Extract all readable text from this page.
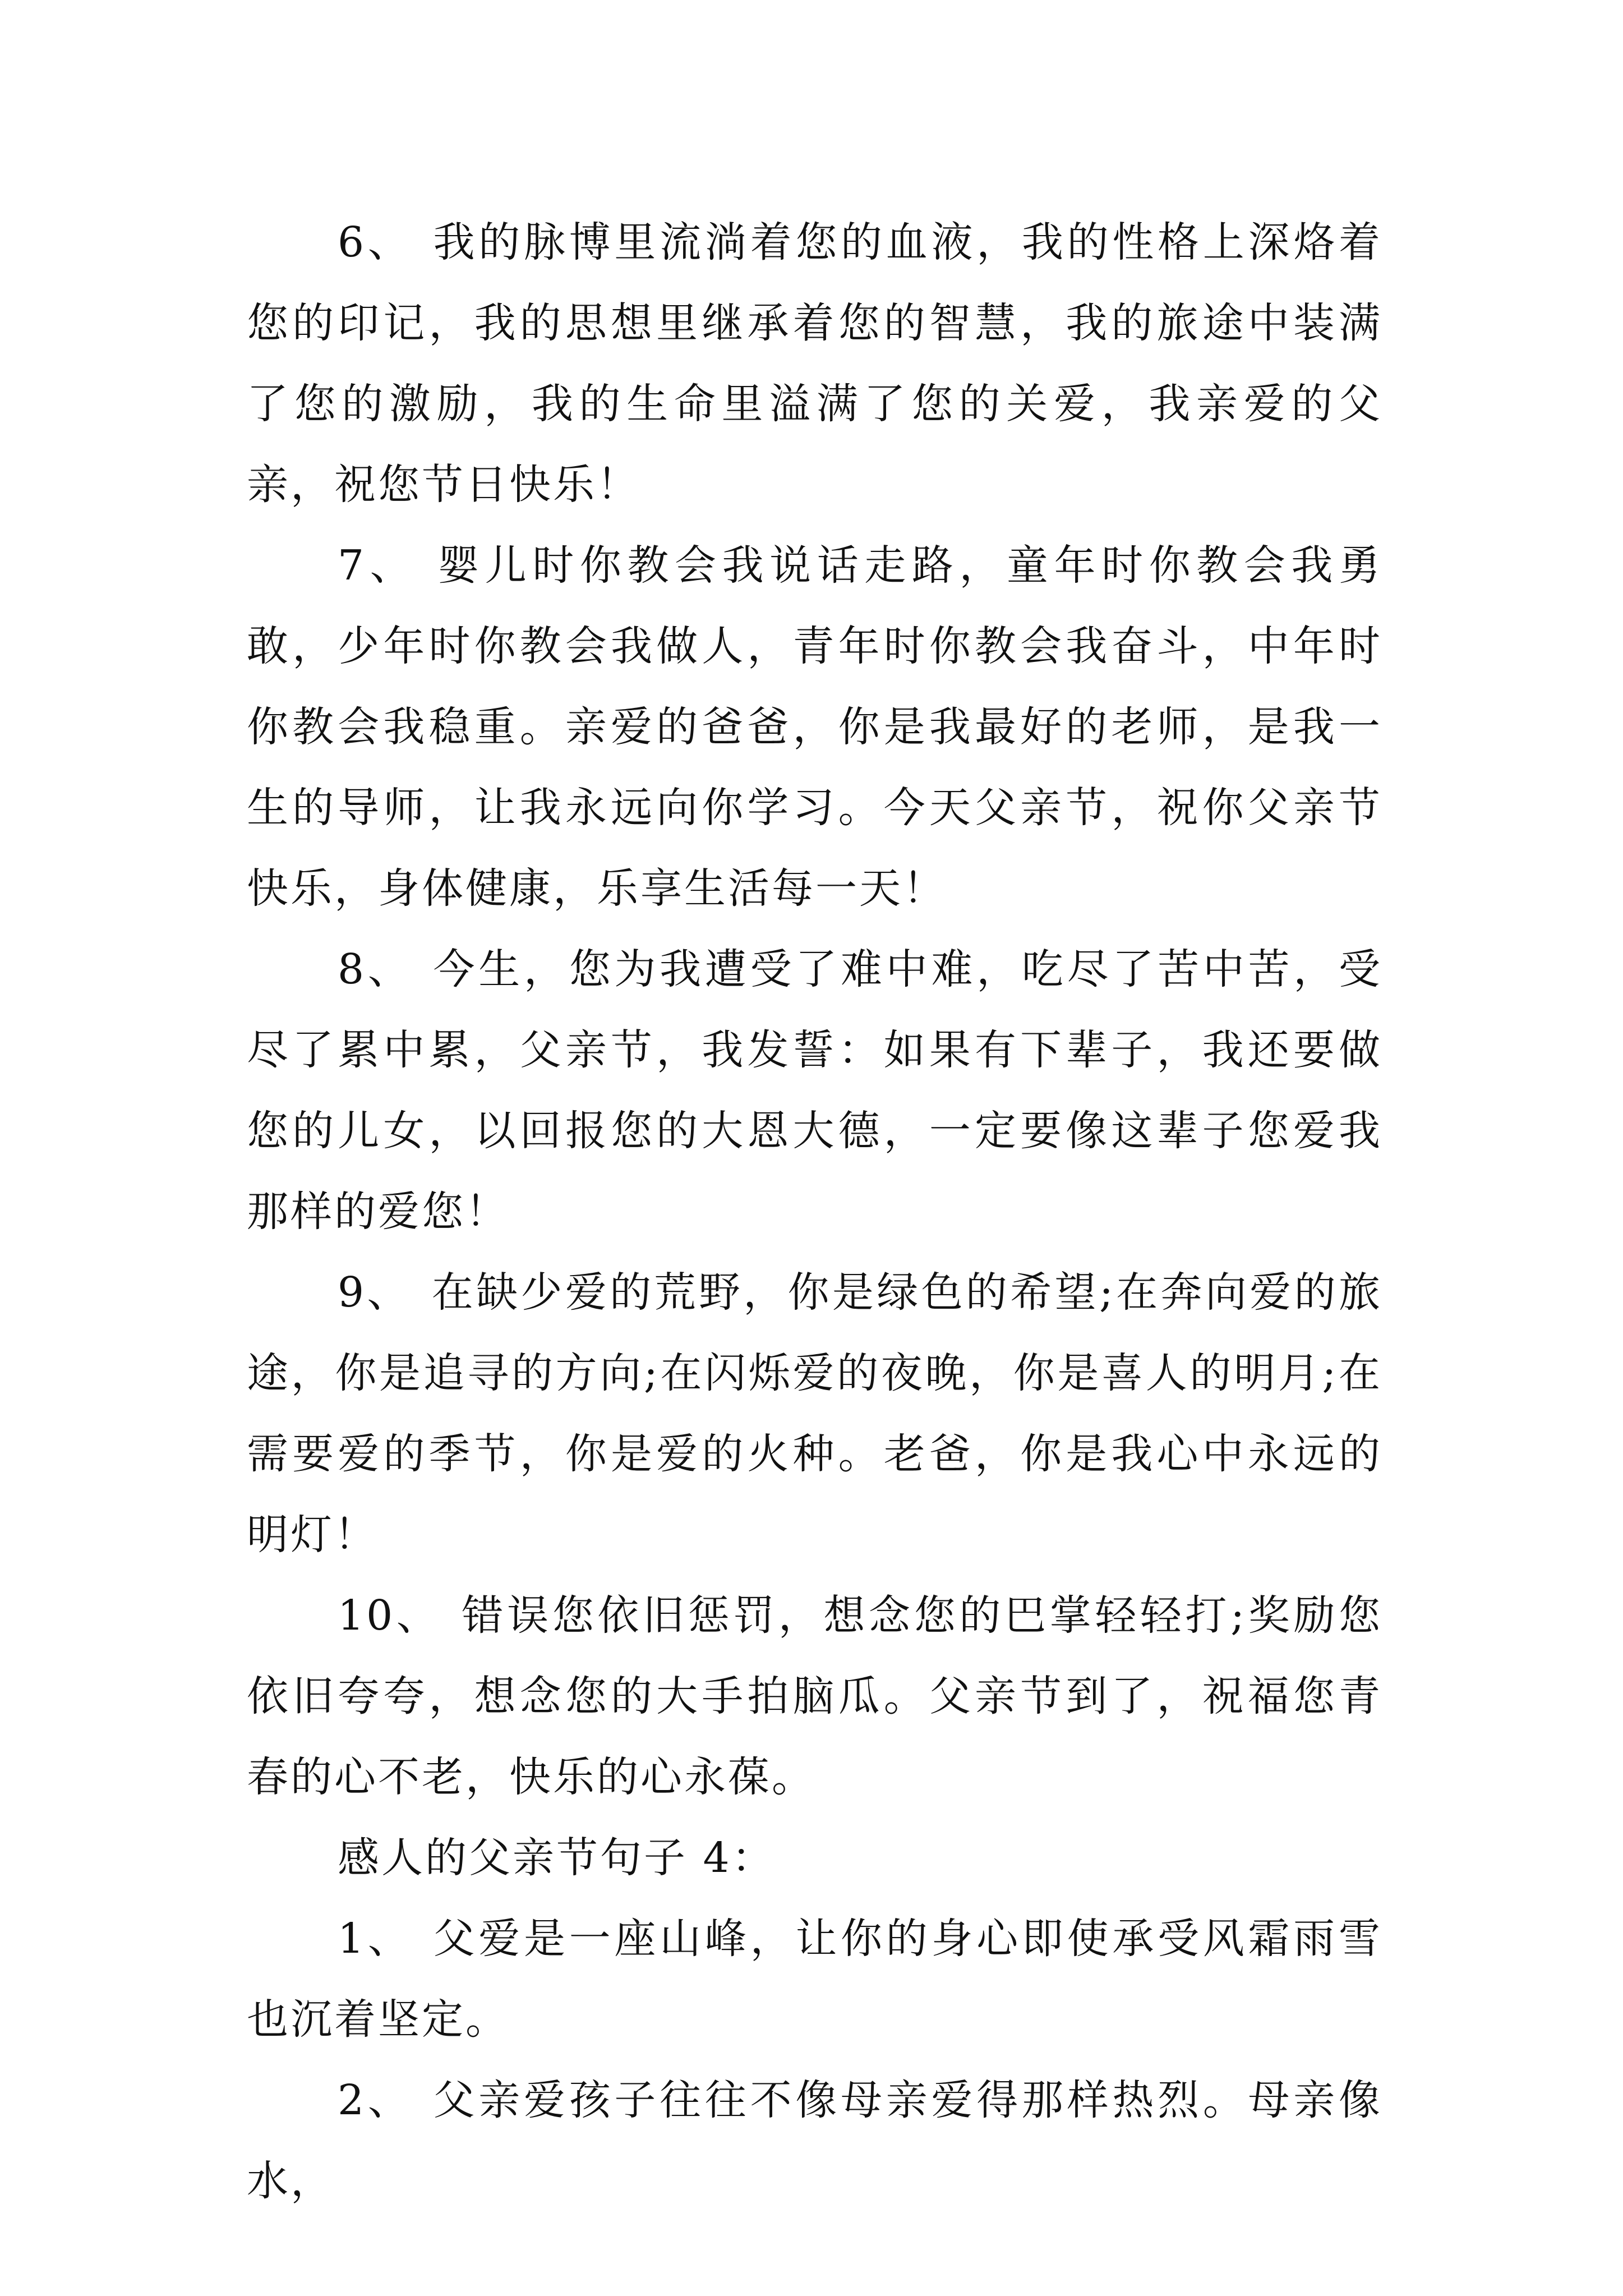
6、 我的脉博里流淌着您的血液，我的性格上深烙着您的印记，我的思想里继承着您的智慧，我的旅途中装满了您的激励，我的生命里溢满了您的关爱，我亲爱的父亲，祝您节日快乐！

7、 婴儿时你教会我说话走路，童年时你教会我勇敢，少年时你教会我做人，青年时你教会我奋斗，中年时你教会我稳重。亲爱的爸爸，你是我最好的老师，是我一生的导师，让我永远向你学习。今天父亲节，祝你父亲节快乐，身体健康，乐享生活每一天！

8、 今生，您为我遭受了难中难，吃尽了苦中苦，受尽了累中累，父亲节，我发誓：如果有下辈子，我还要做您的儿女，以回报您的大恩大德，一定要像这辈子您爱我那样的爱您！

9、 在缺少爱的荒野，你是绿色的希望;在奔向爱的旅途，你是追寻的方向;在闪烁爱的夜晚，你是喜人的明月;在需要爱的季节，你是爱的火种。老爸，你是我心中永远的明灯！

10、 错误您依旧惩罚，想念您的巴掌轻轻打;奖励您依旧夸夸，想念您的大手拍脑瓜。父亲节到了，祝福您青春的心不老，快乐的心永葆。

感人的父亲节句子 4：

1、 父爱是一座山峰，让你的身心即使承受风霜雨雪也沉着坚定。

2、 父亲爱孩子往往不像母亲爱得那样热烈。母亲像水，
